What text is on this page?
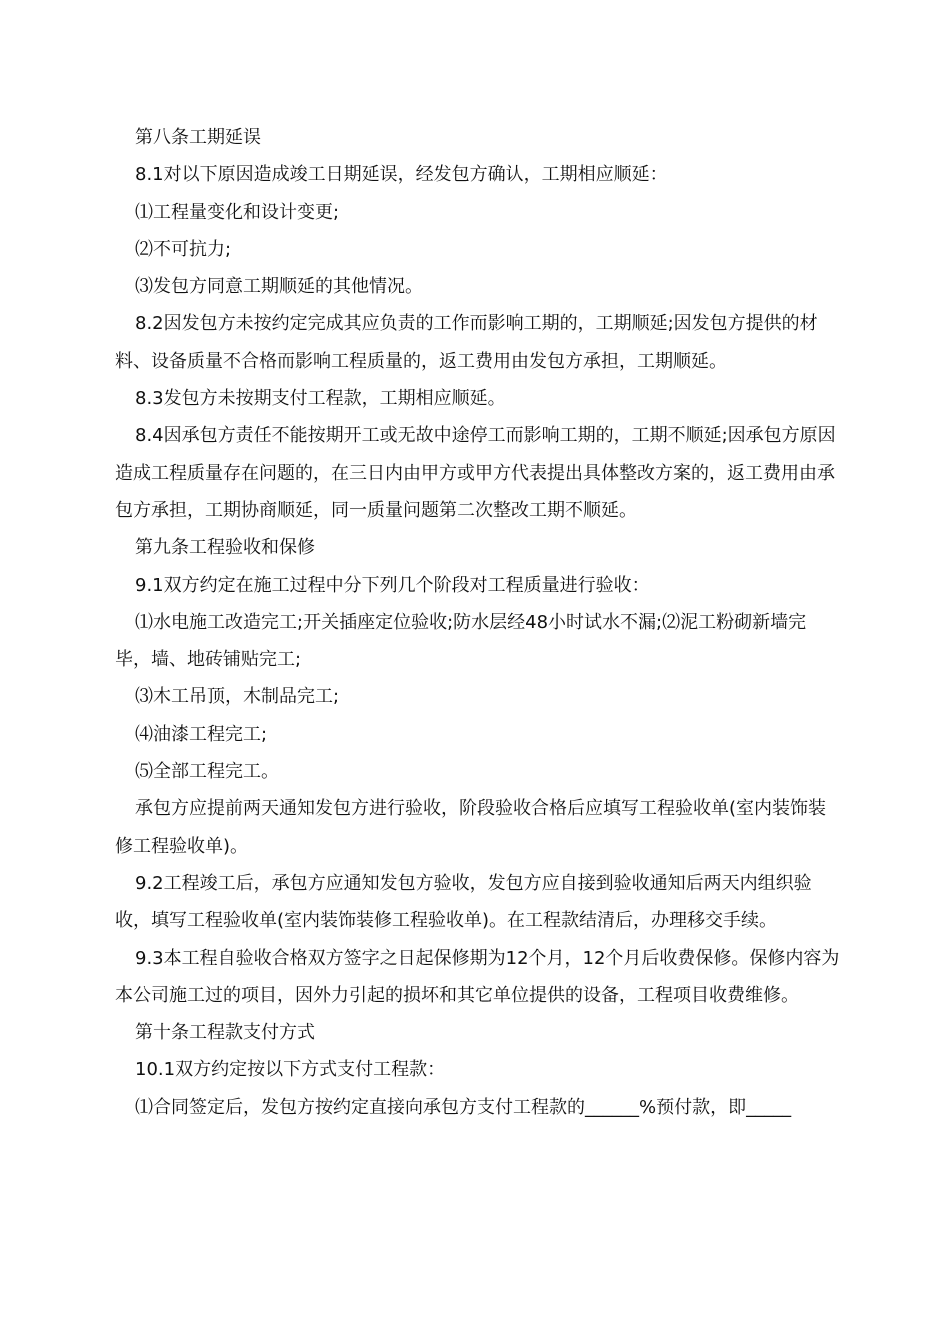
第八条工期延误

8.1对以下原因造成竣工日期延误，经发包方确认，工期相应顺延：

⑴工程量变化和设计变更;

⑵不可抗力;

⑶发包方同意工期顺延的其他情况。

8.2因发包方未按约定完成其应负责的工作而影响工期的，工期顺延;因发包方提供的材料、设备质量不合格而影响工程质量的，返工费用由发包方承担，工期顺延。

8.3发包方未按期支付工程款，工期相应顺延。

8.4因承包方责任不能按期开工或无故中途停工而影响工期的，工期不顺延;因承包方原因造成工程质量存在问题的，在三日内由甲方或甲方代表提出具体整改方案的，返工费用由承包方承担，工期协商顺延，同一质量问题第二次整改工期不顺延。

第九条工程验收和保修

9.1双方约定在施工过程中分下列几个阶段对工程质量进行验收：

⑴水电施工改造完工;开关插座定位验收;防水层经48小时试水不漏;⑵泥工粉砌新墙完毕，墙、地砖铺贴完工;

⑶木工吊顶，木制品完工;

⑷油漆工程完工;

⑸全部工程完工。

承包方应提前两天通知发包方进行验收，阶段验收合格后应填写工程验收单(室内装饰装修工程验收单)。

9.2工程竣工后，承包方应通知发包方验收，发包方应自接到验收通知后两天内组织验收，填写工程验收单(室内装饰装修工程验收单)。在工程款结清后，办理移交手续。

9.3本工程自验收合格双方签字之日起保修期为12个月，12个月后收费保修。保修内容为本公司施工过的项目，因外力引起的损坏和其它单位提供的设备，工程项目收费维修。

第十条工程款支付方式

10.1双方约定按以下方式支付工程款：

⑴合同签定后，发包方按约定直接向承包方支付工程款的______%预付款，即_____
